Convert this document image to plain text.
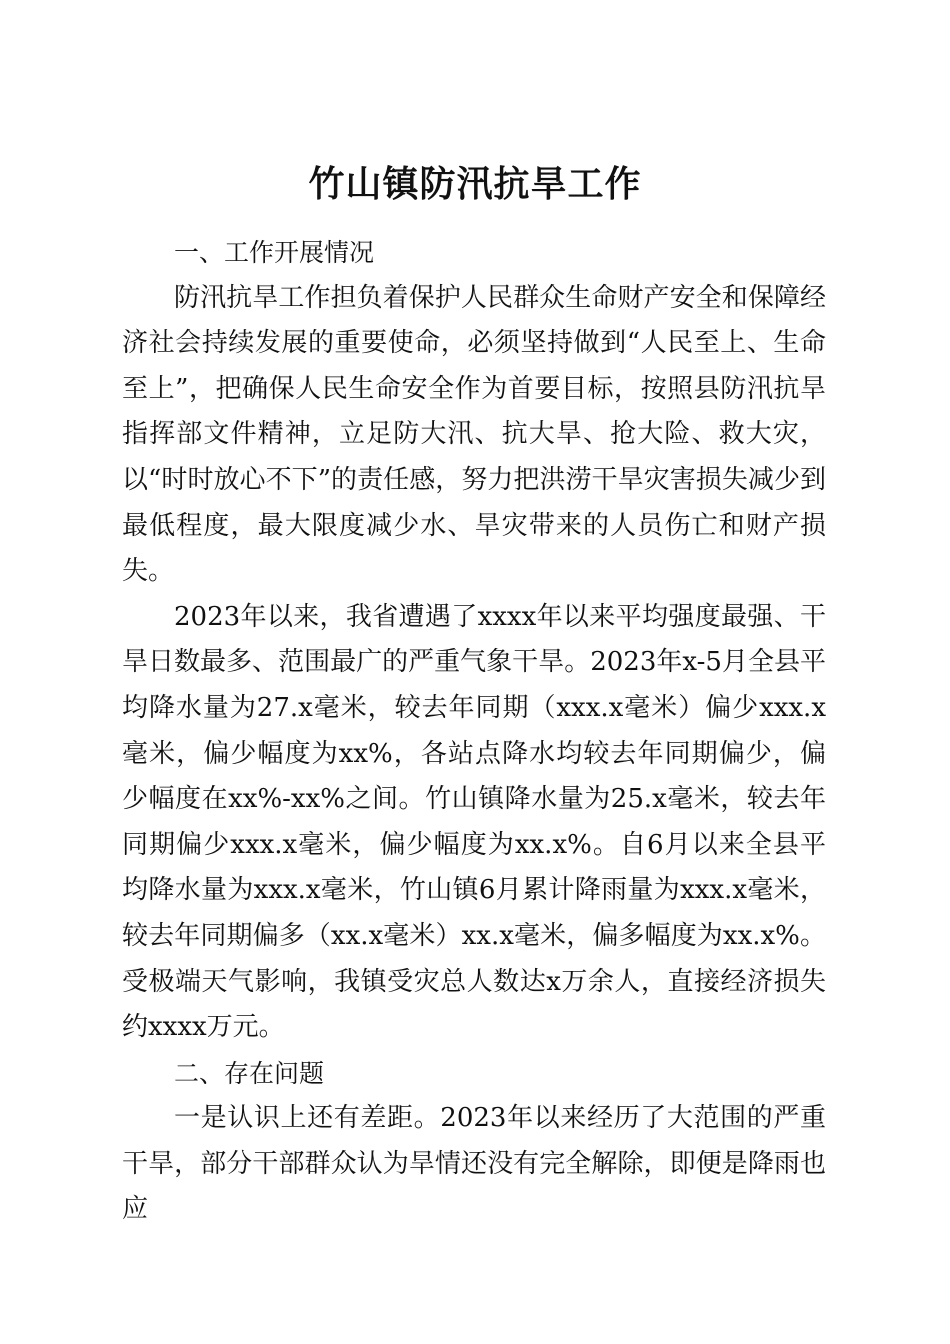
竹山镇防汛抗旱工作
一、工作开展情况

防汛抗旱工作担负着保护人民群众生命财产安全和保障经济社会持续发展的重要使命，必须坚持做到“人民至上、生命至上”，把确保人民生命安全作为首要目标，按照县防汛抗旱指挥部文件精神，立足防大汛、抗大旱、抢大险、救大灾，以“时时放心不下”的责任感，努力把洪涝干旱灾害损失减少到最低程度，最大限度减少水、旱灾带来的人员伤亡和财产损失。

2023年以来，我省遭遇了xxxx年以来平均强度最强、干旱日数最多、范围最广的严重气象干旱。2023年x-5月全县平均降水量为27.x毫米，较去年同期（xxx.x毫米）偏少xxx.x毫米，偏少幅度为xx%，各站点降水均较去年同期偏少，偏少幅度在xx%-xx%之间。竹山镇降水量为25.x毫米，较去年同期偏少xxx.x毫米，偏少幅度为xx.x%。自6月以来全县平均降水量为xxx.x毫米，竹山镇6月累计降雨量为xxx.x毫米，较去年同期偏多（xx.x毫米）xx.x毫米，偏多幅度为xx.x%。受极端天气影响，我镇受灾总人数达x万余人，直接经济损失约xxxx万元。

二、存在问题

一是认识上还有差距。2023年以来经历了大范围的严重干旱，部分干部群众认为旱情还没有完全解除，即便是降雨也应
